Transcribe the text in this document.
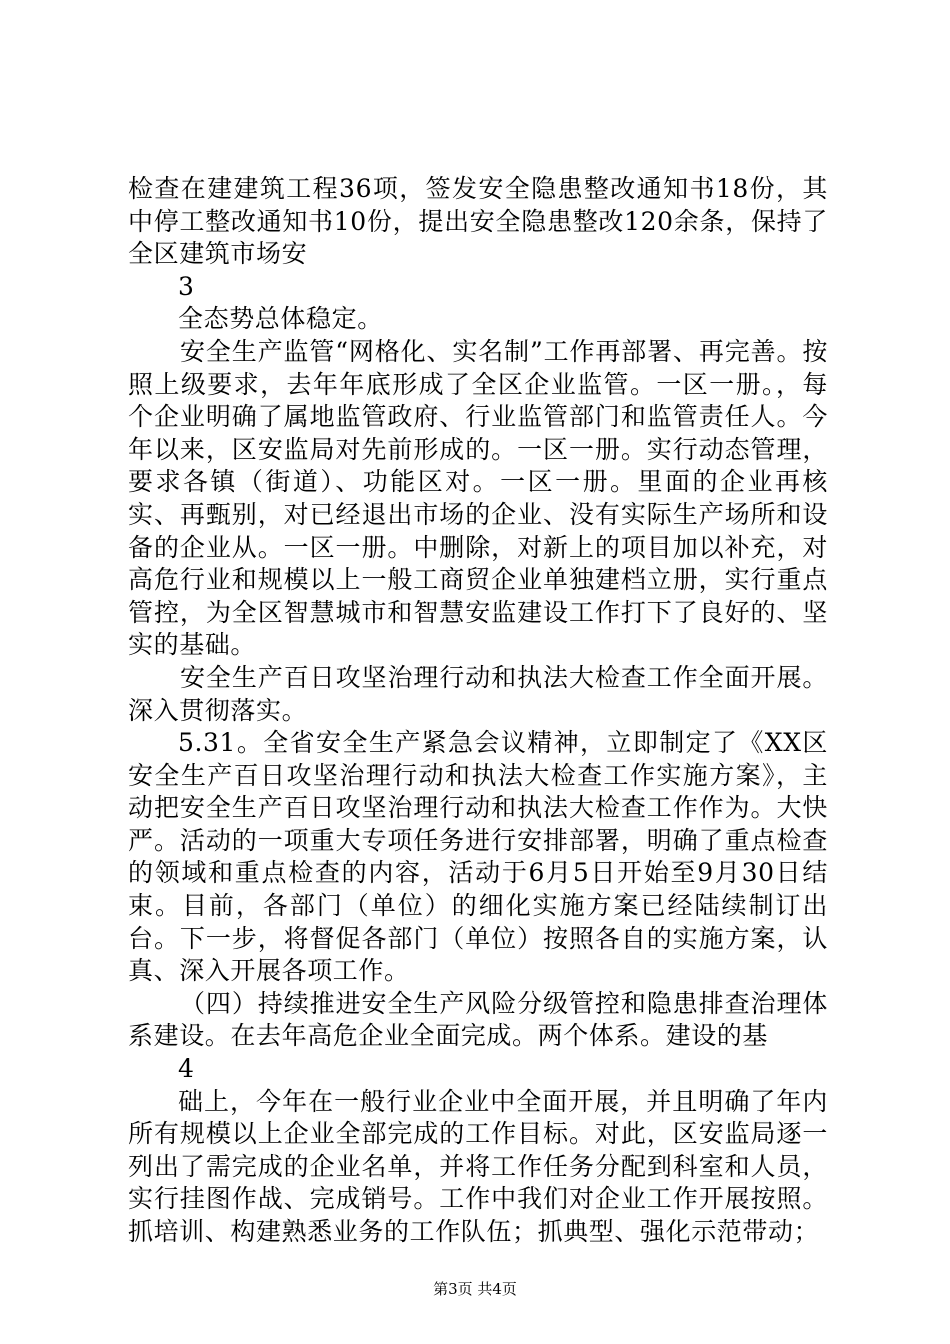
检查在建建筑工程36项，签发安全隐患整改通知书18份，其中停工整改通知书10份，提出安全隐患整改120余条，保持了全区建筑市场安

3

全态势总体稳定。

安全生产监管“网格化、实名制”工作再部署、再完善。按照上级要求，去年年底形成了全区企业监管。一区一册。，每个企业明确了属地监管政府、行业监管部门和监管责任人。今年以来，区安监局对先前形成的。一区一册。实行动态管理，要求各镇（街道）、功能区对。一区一册。里面的企业再核实、再甄别，对已经退出市场的企业、没有实际生产场所和设备的企业从。一区一册。中删除，对新上的项目加以补充，对高危行业和规模以上一般工商贸企业单独建档立册，实行重点管控，为全区智慧城市和智慧安监建设工作打下了良好的、坚实的基础。

安全生产百日攻坚治理行动和执法大检查工作全面开展。深入贯彻落实。

5.31。全省安全生产紧急会议精神，立即制定了《XX区安全生产百日攻坚治理行动和执法大检查工作实施方案》，主动把安全生产百日攻坚治理行动和执法大检查工作作为。大快严。活动的一项重大专项任务进行安排部署，明确了重点检查的领域和重点检查的内容，活动于6月5日开始至9月30日结束。目前，各部门（单位）的细化实施方案已经陆续制订出台。下一步，将督促各部门（单位）按照各自的实施方案，认真、深入开展各项工作。

（四）持续推进安全生产风险分级管控和隐患排查治理体系建设。在去年高危企业全面完成。两个体系。建设的基

4

础上，今年在一般行业企业中全面开展，并且明确了年内所有规模以上企业全部完成的工作目标。对此，区安监局逐一列出了需完成的企业名单，并将工作任务分配到科室和人员，实行挂图作战、完成销号。工作中我们对企业工作开展按照。抓培训、构建熟悉业务的工作队伍；抓典型、强化示范带动；

第3页 共4页
